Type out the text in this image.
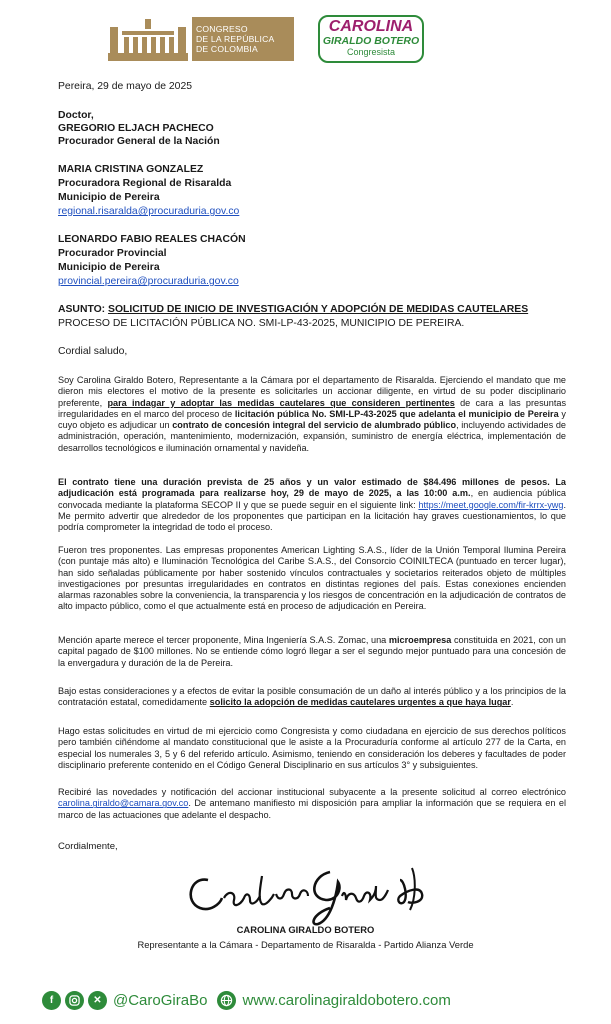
CONGRESO
DE LA REPÚBLICA
DE COLOMBIA
CAROLINA
GIRALDO BOTERO
Congresista
Pereira, 29 de mayo de 2025
Doctor,
GREGORIO ELJACH PACHECO
Procurador General de la Nación
MARIA CRISTINA GONZALEZ
Procuradora Regional de Risaralda
Municipio de Pereira
regional.risaralda@procuraduria.gov.co
LEONARDO FABIO REALES CHACÓN
Procurador Provincial
Municipio de Pereira
provincial.pereira@procuraduria.gov.co
ASUNTO: SOLICITUD DE INICIO DE INVESTIGACIÓN Y ADOPCIÓN DE MEDIDAS CAUTELARES
PROCESO DE LICITACIÓN PÚBLICA NO. SMI-LP-43-2025, MUNICIPIO DE PEREIRA.
Cordial saludo,
Soy Carolina Giraldo Botero, Representante a la Cámara por el departamento de Risaralda. Ejerciendo el mandato que me dieron mis electores el motivo de la presente es solicitarles un accionar diligente, en virtud de su poder disciplinario preferente, para indagar y adoptar las medidas cautelares que consideren pertinentes de cara a las presuntas irregularidades en el marco del proceso de licitación pública No. SMI-LP-43-2025 que adelanta el municipio de Pereira y cuyo objeto es adjudicar un contrato de concesión integral del servicio de alumbrado público, incluyendo actividades de administración, operación, mantenimiento, modernización, expansión, suministro de energía eléctrica, implementación de desarrollos tecnológicos e iluminación ornamental y navideña.
El contrato tiene una duración prevista de 25 años y un valor estimado de $84.496 millones de pesos. La adjudicación está programada para realizarse hoy, 29 de mayo de 2025, a las 10:00 a.m., en audiencia pública convocada mediante la plataforma SECOP II y que se puede seguir en el siguiente link: https://meet.google.com/fir-krrx-ywg. Me permito advertir que alrededor de los proponentes que participan en la licitación hay graves cuestionamientos, lo que podría comprometer la integridad de todo el proceso.
Fueron tres proponentes. Las empresas proponentes American Lighting S.A.S., líder de la Unión Temporal Ilumina Pereira (con puntaje más alto) e Iluminación Tecnológica del Caribe S.A.S., del Consorcio COINILTECA (puntuado en tercer lugar), han sido señaladas públicamente por haber sostenido vínculos contractuales y societarios reiterados objeto de múltiples investigaciones por presuntas irregularidades en contratos en distintas regiones del país. Estas conexiones encienden alarmas razonables sobre la conveniencia, la transparencia y los riesgos de concentración en la adjudicación de contratos de alto impacto público, como el que actualmente está en proceso de adjudicación en Pereira.
Mención aparte merece el tercer proponente, Mina Ingeniería S.A.S. Zomac, una microempresa constituida en 2021, con un capital pagado de $100 millones. No se entiende cómo logró llegar a ser el segundo mejor puntuado para una concesión de la envergadura y duración de la de Pereira.
Bajo estas consideraciones y a efectos de evitar la posible consumación de un daño al interés público y a los principios de la contratación estatal, comedidamente solicito la adopción de medidas cautelares urgentes a que haya lugar.
Hago estas solicitudes en virtud de mi ejercicio como Congresista y como ciudadana en ejercicio de sus derechos políticos pero también ciñéndome al mandato constitucional que le asiste a la Procuraduría conforme al artículo 277 de la Carta, en especial los numerales 3, 5 y 6 del referido artículo. Asimismo, teniendo en consideración los deberes y facultades de poder disciplinario preferente contenido en el Código General Disciplinario en sus artículos 3° y subsiguientes.
Recibiré las novedades y notificación del accionar institucional subyacente a la presente solicitud al correo electrónico carolina.giraldo@camara.gov.co. De antemano manifiesto mi disposición para ampliar la información que se requiera en el marco de las actuaciones que adelante el despacho.
Cordialmente,
CAROLINA GIRALDO BOTERO
Representante a la Cámara - Departamento de Risaralda - Partido Alianza Verde
f	✕ @CaroGiraBo www.carolinagiraldobotero.com
